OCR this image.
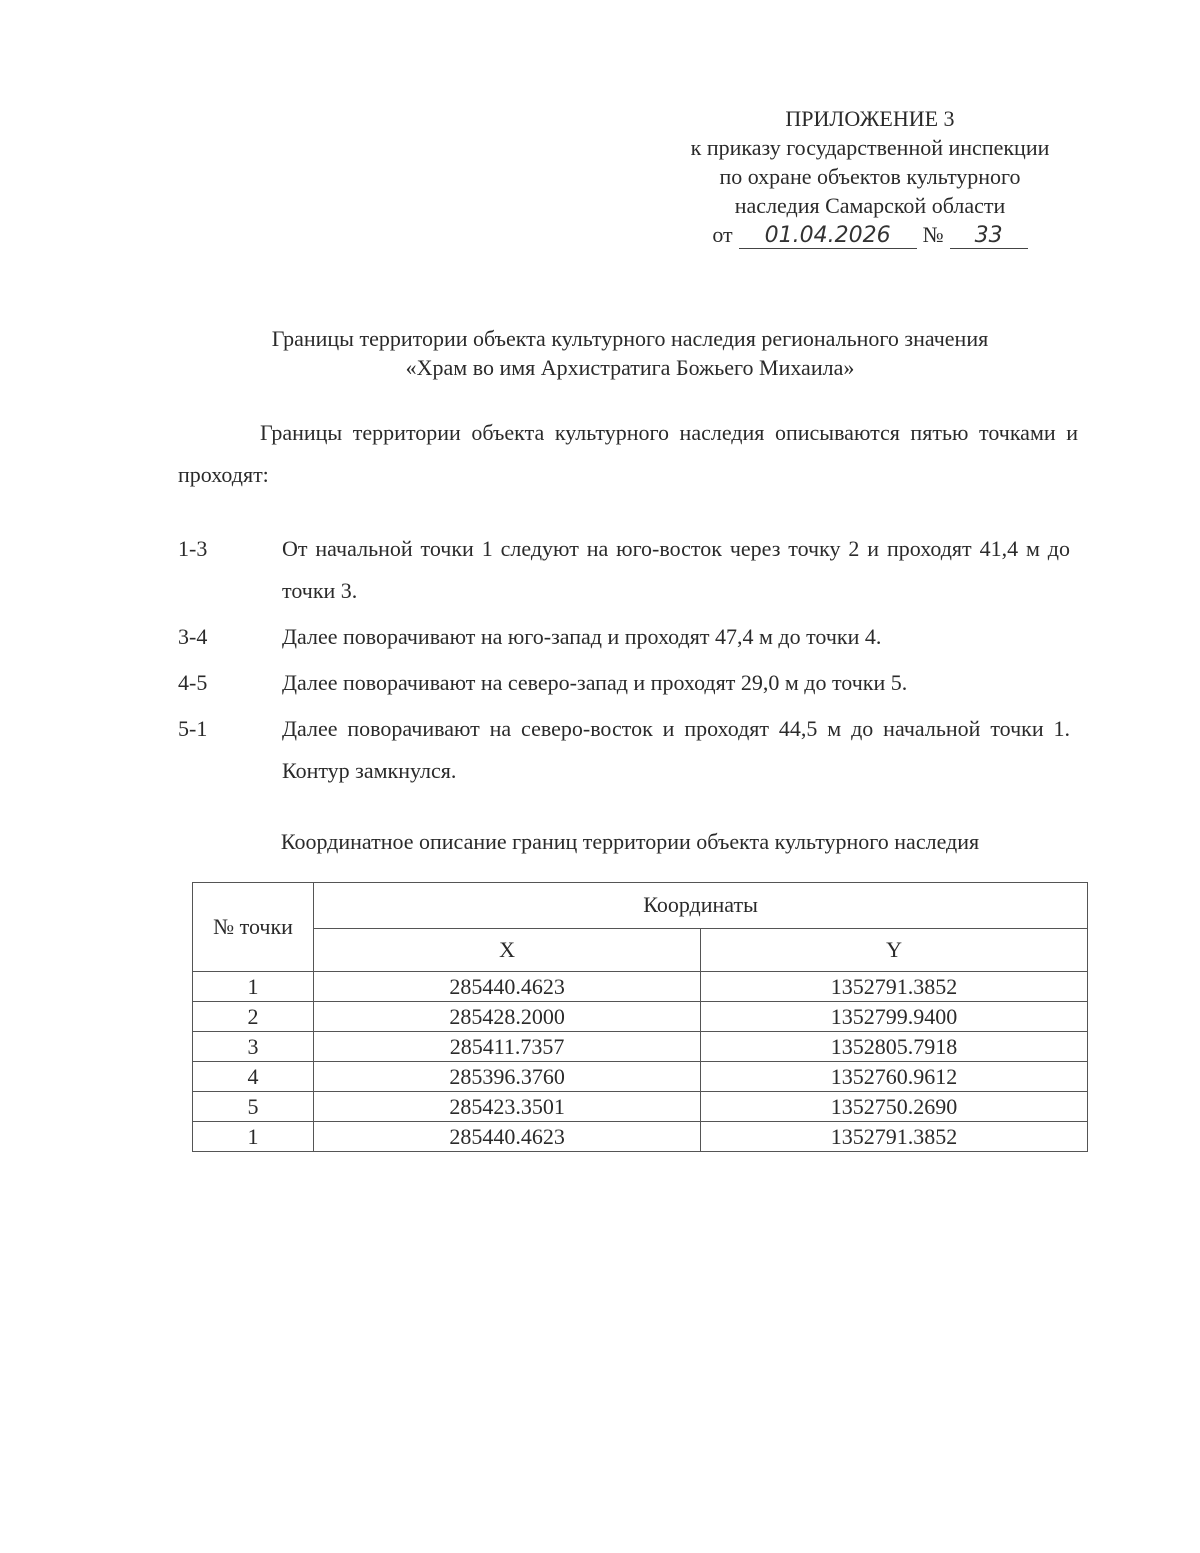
ПРИЛОЖЕНИЕ 3
к приказу государственной инспекции
по охране объектов культурного
наследия Самарской области
от	01.04.2026	№	33
Границы территории объекта культурного наследия регионального значения
«Храм во имя Архистратига Божьего Михаила»
Границы территории объекта культурного наследия описываются пятью точками и проходят:
1-3	От начальной точки 1 следуют на юго-восток через точку 2 и проходят 41,4 м до точки 3.
3-4	Далее поворачивают на юго-запад и проходят 47,4 м до точки 4.
4-5	Далее поворачивают на северо-запад и проходят 29,0 м до точки 5.
5-1	Далее поворачивают на северо-восток и проходят 44,5 м до начальной точки 1. Контур замкнулся.
Координатное описание границ территории объекта культурного наследия
№ точки	Координаты	
	X	Y
1	285440.4623	1352791.3852
2	285428.2000	1352799.9400
3	285411.7357	1352805.7918
4	285396.3760	1352760.9612
5	285423.3501	1352750.2690
1	285440.4623	1352791.3852
